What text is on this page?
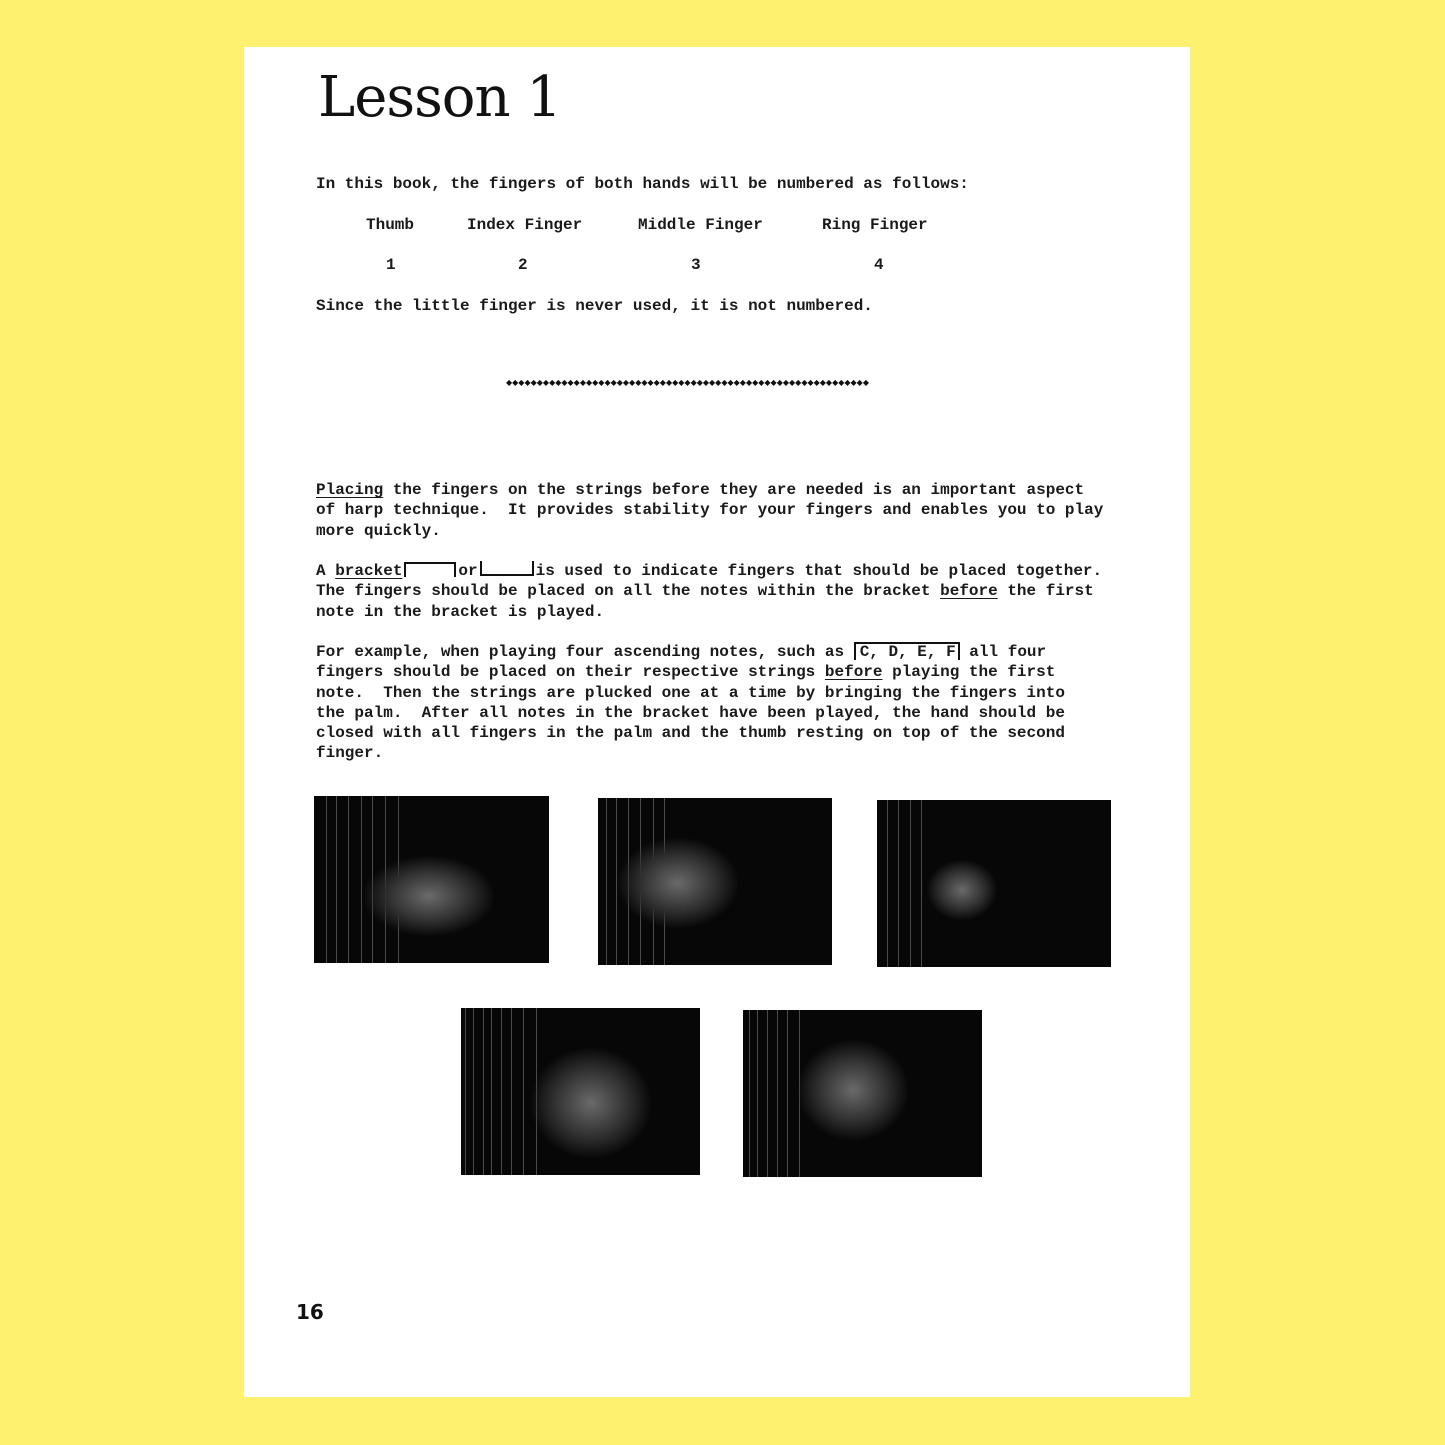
Lesson 1
In this book, the fingers of both hands will be numbered as follows:
Thumb	Index Finger	Middle Finger	Ring Finger
1	2	3	4
Since the little finger is never used, it is not numbered.
◆◆◆◆◆◆◆◆◆◆◆◆◆◆◆◆◆◆◆◆◆◆◆◆◆◆◆◆◆◆◆◆◆◆◆◆◆◆◆◆◆◆◆◆◆◆◆◆◆◆◆◆◆◆◆◆◆◆◆
Placing the fingers on the strings before they are needed is an important aspect
of harp technique.  It provides stability for your fingers and enables you to play
more quickly.
A bracket	or	is used to indicate fingers that should be placed together.
The fingers should be placed on all the notes within the bracket before the first
note in the bracket is played.
For example, when playing four ascending notes, such as C, D, E, F all four
fingers should be placed on their respective strings before playing the first
note.  Then the strings are plucked one at a time by bringing the fingers into
the palm.  After all notes in the bracket have been played, the hand should be
closed with all fingers in the palm and the thumb resting on top of the second
finger.
16
